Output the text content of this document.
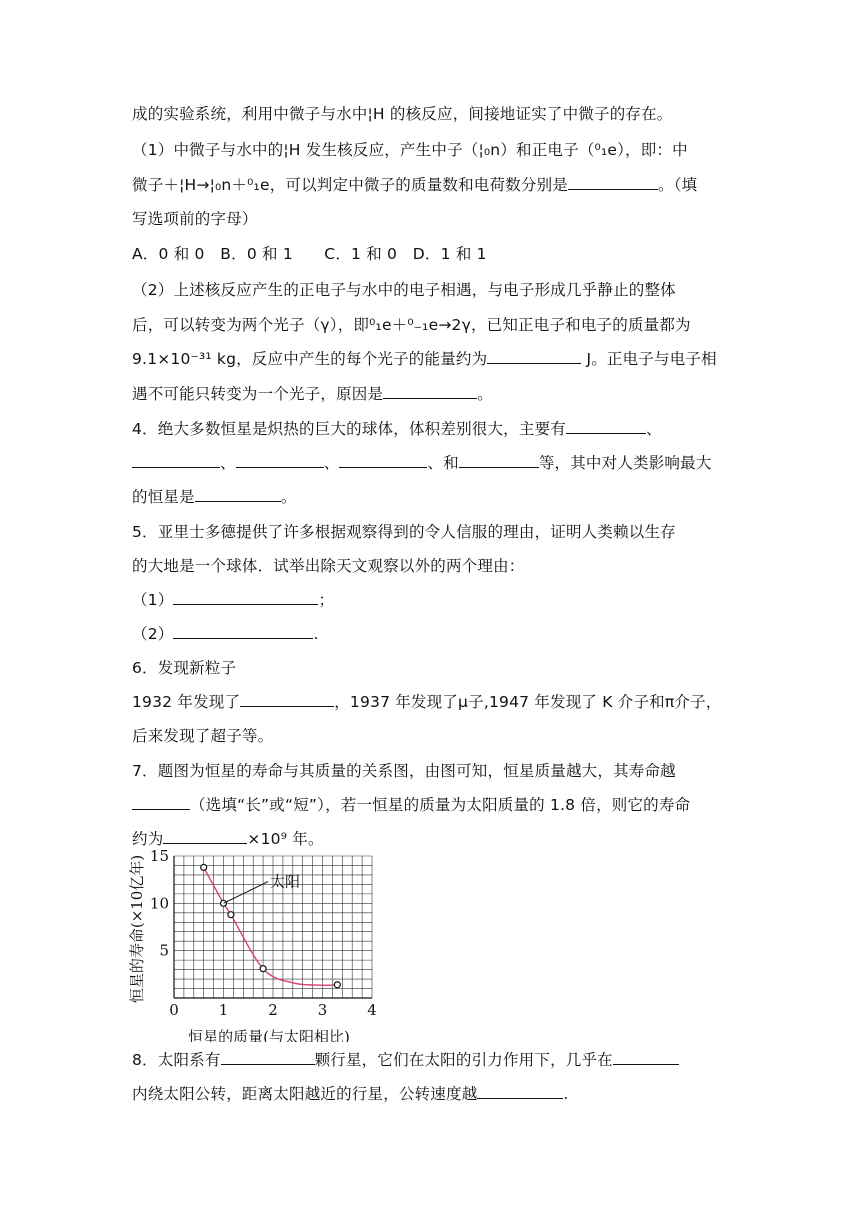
成的实验系统，利用中微子与水中¦H 的核反应，间接地证实了中微子的存在。
（1）中微子与水中的¦H 发生核反应，产生中子（¦₀n）和正电子（⁰₁e），即：中
微子＋¦H→¦₀n＋⁰₁e，可以判定中微子的质量数和电荷数分别是	。（填
写选项前的字母）
A．0 和 0　B．0 和 1　　C．1 和 0　D．1 和 1
（2）上述核反应产生的正电子与水中的电子相遇，与电子形成几乎静止的整体
后，可以转变为两个光子（γ），即⁰₁e＋⁰₋₁e→2γ，已知正电子和电子的质量都为
9.1×10⁻³¹ kg，反应中产生的每个光子的能量约为	J。正电子与电子相
遇不可能只转变为一个光子，原因是	。
4．绝大多数恒星是炽热的巨大的球体，体积差别很大，主要有	、
、	、	、和	等，其中对人类影响最大
的恒星是	。
5．亚里士多德提供了许多根据观察得到的令人信服的理由，证明人类赖以生存
的大地是一个球体．试举出除天文观察以外的两个理由：
（1）	；
（2）	.
6．发现新粒子
1932 年发现了	，1937 年发现了μ子,1947 年发现了 K 介子和π介子，
后来发现了超子等。
7．题图为恒星的寿命与其质量的关系图，由图可知，恒星质量越大，其寿命越
（选填“长”或“短”），若一恒星的质量为太阳质量的 1.8 倍，则它的寿命
约为	×10⁹ 年。
0	1	2	3	4
5
10
15
太阳
恒星的质量(与太阳相比)
恒星的寿命(×10亿年)
8．太阳系有	颗行星，它们在太阳的引力作用下，几乎在
内绕太阳公转，距离太阳越近的行星，公转速度越	.
